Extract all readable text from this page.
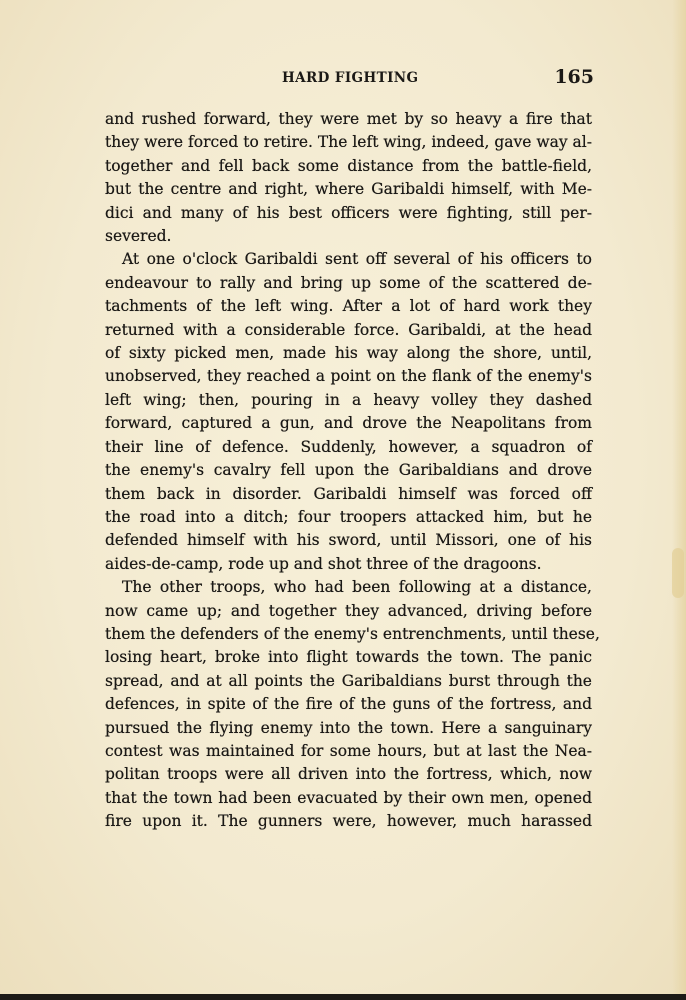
HARD FIGHTING	165
and rushed forward, they were met by so heavy a fire that
they were forced to retire. The left wing, indeed, gave way al-
together and fell back some distance from the battle-field,
but the centre and right, where Garibaldi himself, with Me-
dici and many of his best officers were fighting, still per-
severed.
At one o'clock Garibaldi sent off several of his officers to
endeavour to rally and bring up some of the scattered de-
tachments of the left wing. After a lot of hard work they
returned with a considerable force. Garibaldi, at the head
of sixty picked men, made his way along the shore, until,
unobserved, they reached a point on the flank of the enemy's
left wing; then, pouring in a heavy volley they dashed
forward, captured a gun, and drove the Neapolitans from
their line of defence. Suddenly, however, a squadron of
the enemy's cavalry fell upon the Garibaldians and drove
them back in disorder. Garibaldi himself was forced off
the road into a ditch; four troopers attacked him, but he
defended himself with his sword, until Missori, one of his
aides-de-camp, rode up and shot three of the dragoons.
The other troops, who had been following at a distance,
now came up; and together they advanced, driving before
them the defenders of the enemy's entrenchments, until these,
losing heart, broke into flight towards the town. The panic
spread, and at all points the Garibaldians burst through the
defences, in spite of the fire of the guns of the fortress, and
pursued the flying enemy into the town. Here a sanguinary
contest was maintained for some hours, but at last the Nea-
politan troops were all driven into the fortress, which, now
that the town had been evacuated by their own men, opened
fire upon it. The gunners were, however, much harassed
